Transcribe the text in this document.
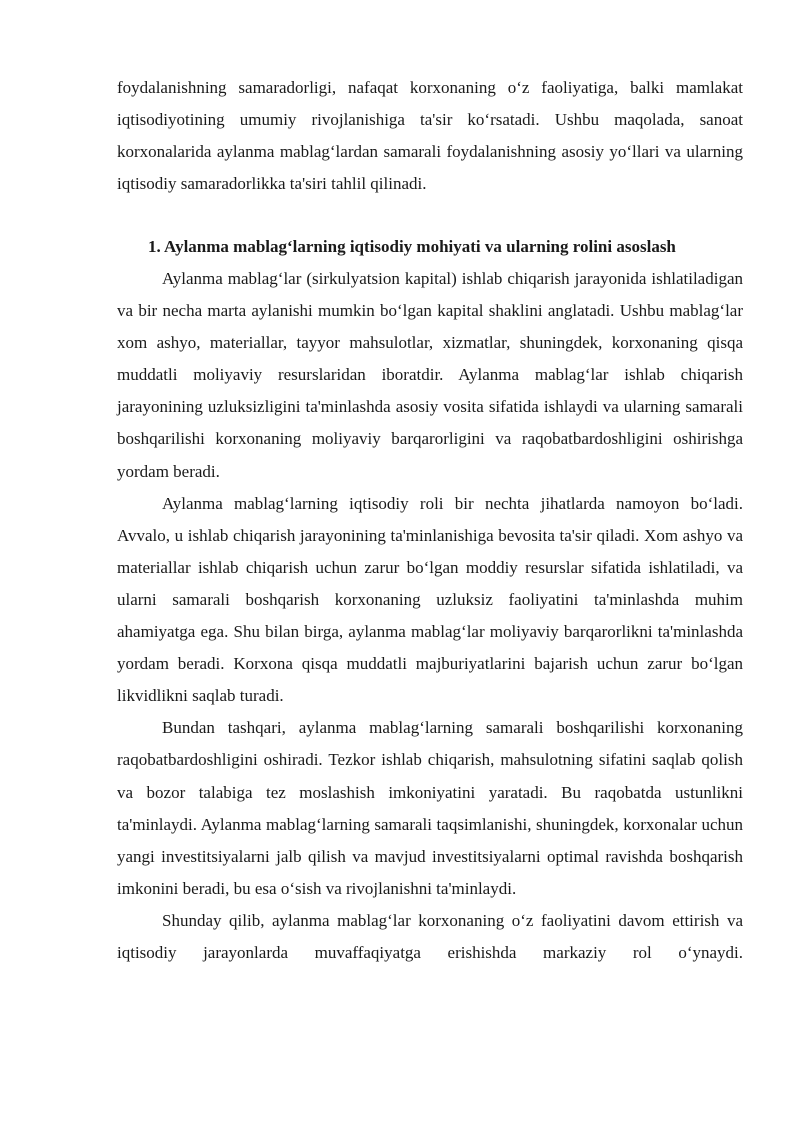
foydalanishning samaradorligi, nafaqat korxonaning o‘z faoliyatiga, balki mamlakat iqtisodiyotining umumiy rivojlanishiga ta'sir ko‘rsatadi. Ushbu maqolada, sanoat korxonalarida aylanma mablag‘lardan samarali foydalanishning asosiy yo‘llari va ularning iqtisodiy samaradorlikka ta'siri tahlil qilinadi.

1. Aylanma mablag‘larning iqtisodiy mohiyati va ularning rolini asoslash

Aylanma mablag‘lar (sirkulyatsion kapital) ishlab chiqarish jarayonida ishlatiladigan va bir necha marta aylanishi mumkin bo‘lgan kapital shaklini anglatadi. Ushbu mablag‘lar xom ashyo, materiallar, tayyor mahsulotlar, xizmatlar, shuningdek, korxonaning qisqa muddatli moliyaviy resurslaridan iboratdir. Aylanma mablag‘lar ishlab chiqarish jarayonining uzluksizligini ta'minlashda asosiy vosita sifatida ishlaydi va ularning samarali boshqarilishi korxonaning moliyaviy barqarorligini va raqobatbardoshligini oshirishga yordam beradi.

Aylanma mablag‘larning iqtisodiy roli bir nechta jihatlarda namoyon bo‘ladi. Avvalo, u ishlab chiqarish jarayonining ta'minlanishiga bevosita ta'sir qiladi. Xom ashyo va materiallar ishlab chiqarish uchun zarur bo‘lgan moddiy resurslar sifatida ishlatiladi, va ularni samarali boshqarish korxonaning uzluksiz faoliyatini ta'minlashda muhim ahamiyatga ega. Shu bilan birga, aylanma mablag‘lar moliyaviy barqarorlikni ta'minlashda yordam beradi. Korxona qisqa muddatli majburiyatlarini bajarish uchun zarur bo‘lgan likvidlikni saqlab turadi.

Bundan tashqari, aylanma mablag‘larning samarali boshqarilishi korxonaning raqobatbardoshligini oshiradi. Tezkor ishlab chiqarish, mahsulotning sifatini saqlab qolish va bozor talabiga tez moslashish imkoniyatini yaratadi. Bu raqobatda ustunlikni ta'minlaydi. Aylanma mablag‘larning samarali taqsimlanishi, shuningdek, korxonalar uchun yangi investitsiyalarni jalb qilish va mavjud investitsiyalarni optimal ravishda boshqarish imkonini beradi, bu esa o‘sish va rivojlanishni ta'minlaydi.

Shunday qilib, aylanma mablag‘lar korxonaning o‘z faoliyatini davom ettirish va iqtisodiy jarayonlarda muvaffaqiyatga erishishda markaziy rol o‘ynaydi.
